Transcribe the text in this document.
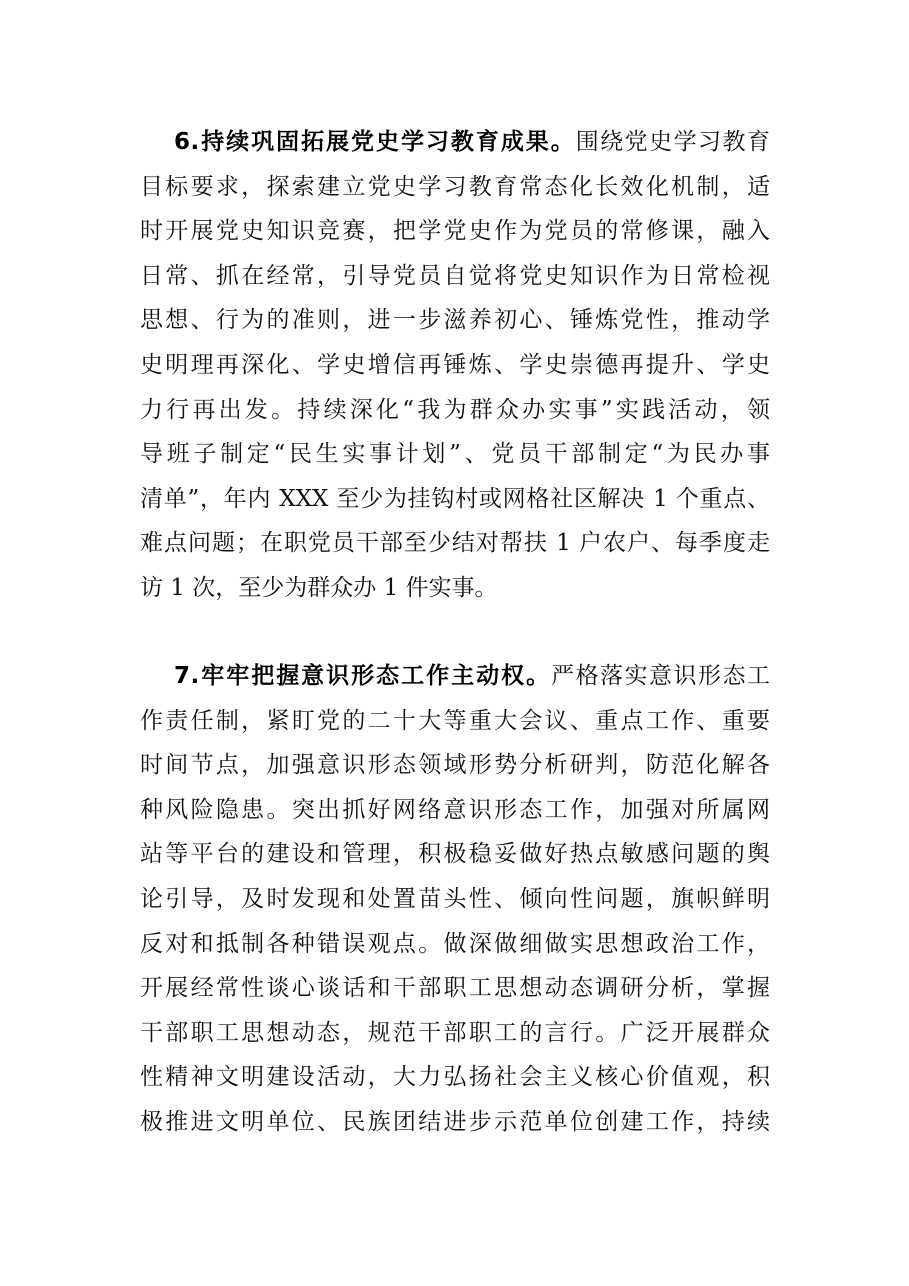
6.持续巩固拓展党史学习教育成果。围绕党史学习教育
目标要求，探索建立党史学习教育常态化长效化机制，适
时开展党史知识竞赛，把学党史作为党员的常修课，融入
日常、抓在经常，引导党员自觉将党史知识作为日常检视
思想、行为的准则，进一步滋养初心、锤炼党性，推动学
史明理再深化、学史增信再锤炼、学史崇德再提升、学史
力行再出发。持续深化“我为群众办实事”实践活动，领
导班子制定“民生实事计划”、党员干部制定“为民办事
清单”，年内 XXX 至少为挂钩村或网格社区解决 1 个重点、
难点问题；在职党员干部至少结对帮扶 1 户农户、每季度走
访 1 次，至少为群众办 1 件实事。
7.牢牢把握意识形态工作主动权。严格落实意识形态工
作责任制，紧盯党的二十大等重大会议、重点工作、重要
时间节点，加强意识形态领域形势分析研判，防范化解各
种风险隐患。突出抓好网络意识形态工作，加强对所属网
站等平台的建设和管理，积极稳妥做好热点敏感问题的舆
论引导，及时发现和处置苗头性、倾向性问题，旗帜鲜明
反对和抵制各种错误观点。做深做细做实思想政治工作，
开展经常性谈心谈话和干部职工思想动态调研分析，掌握
干部职工思想动态，规范干部职工的言行。广泛开展群众
性精神文明建设活动，大力弘扬社会主义核心价值观，积
极推进文明单位、民族团结进步示范单位创建工作，持续
